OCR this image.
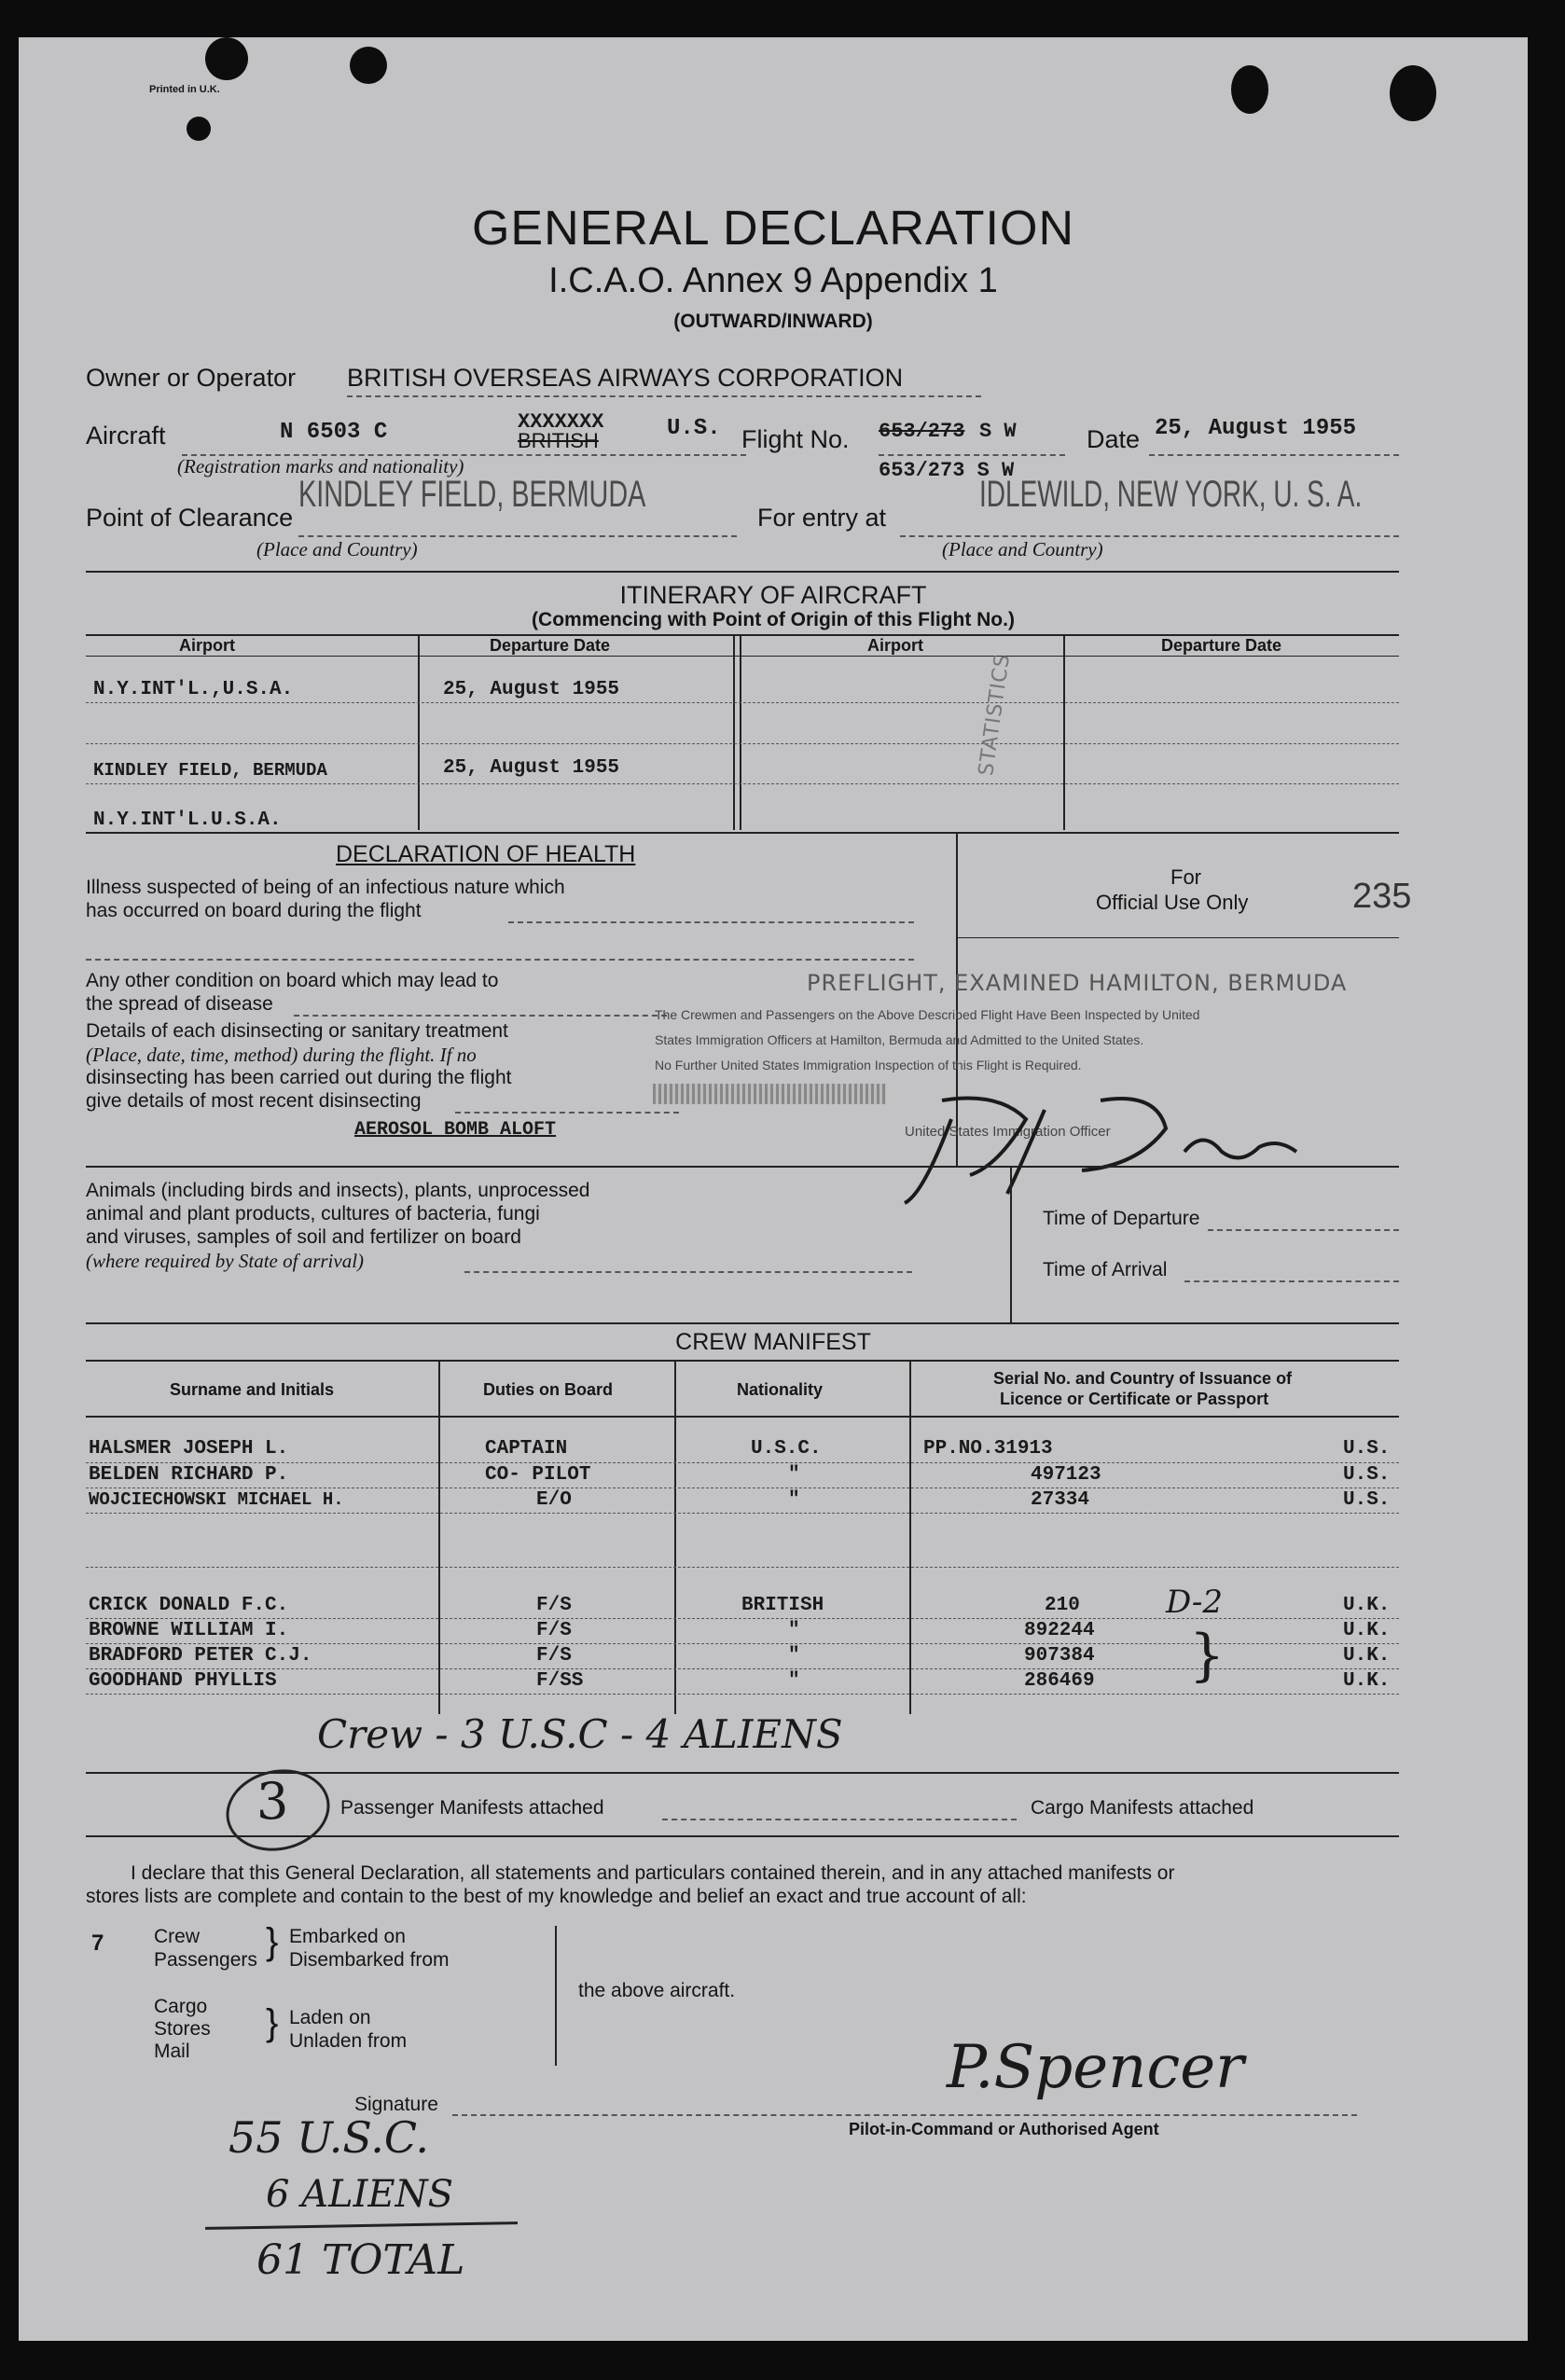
Printed in U.K.
GENERAL DECLARATION
I.C.A.O. Annex 9 Appendix 1
(OUTWARD/INWARD)
Owner or Operator BRITISH OVERSEAS AIRWAYS CORPORATION
Aircraft	N 6503 C	XXXXXXX
BRITISH	U.S.
(Registration marks and nationality)
Flight No. 653/273 S W
653/273 S W
Date 25, August 1955
Point of Clearance
KINDLEY FIELD, BERMUDA
(Place and Country)
For entry at
IDLEWILD, NEW YORK, U. S. A.
(Place and Country)
ITINERARY OF AIRCRAFT
(Commencing with Point of Origin of this Flight No.)
Airport	Departure Date	Airport	Departure Date
N.Y.INT'L.,U.S.A.	25, August 1955
KINDLEY FIELD, BERMUDA	25, August 1955
N.Y.INT'L.U.S.A.
STATISTICS
DECLARATION OF HEALTH
Illness suspected of being of an infectious nature which
has occurred on board during the flight
Any other condition on board which may lead to
the spread of disease
Details of each disinsecting or sanitary treatment
(Place, date, time, method) during the flight. If no
disinsecting has been carried out during the flight
give details of most recent disinsecting
AEROSOL BOMB ALOFT
For
Official Use Only	235
PREFLIGHT, EXAMINED HAMILTON, BERMUDA
The Crewmen and Passengers on the Above Described Flight Have Been Inspected by United
States Immigration Officers at Hamilton, Bermuda and Admitted to the United States.
No Further United States Immigration Inspection of this Flight is Required.
United States Immigration Officer
Animals (including birds and insects), plants, unprocessed
animal and plant products, cultures of bacteria, fungi
and viruses, samples of soil and fertilizer on board
(where required by State of arrival)
Time of Departure
Time of Arrival
CREW MANIFEST
Surname and Initials	Duties on Board	Nationality
Serial No. and Country of Issuance of
Licence or Certificate or Passport
HALSMER JOSEPH L.	CAPTAIN	U.S.C.	PP.NO.31913	U.S.
BELDEN RICHARD P.	CO- PILOT	"	497123	U.S.
WOJCIECHOWSKI MICHAEL H.	E/O	"	27334	U.S.
CRICK DONALD F.C.	F/S	BRITISH	210	U.K.
BROWNE WILLIAM I.	F/S	"	892244	U.K.
BRADFORD PETER C.J.	F/S	"	907384	U.K.
GOODHAND PHYLLIS	F/SS	"	286469	U.K.
D-2
}
Crew - 3 U.S.C - 4 ALIENS
3	Passenger Manifests attached	Cargo Manifests attached
I declare that this General Declaration, all statements and particulars contained therein, and in any attached manifests or
stores lists are complete and contain to the best of my knowledge and belief an exact and true account of all:
7	Crew
Passengers } Embarked on
Disembarked from
Cargo
Stores
Mail
} Laden on
Unladen from
the above aircraft.
Signature
P.Spencer
Pilot-in-Command or Authorised Agent
55 U.S.C.
6 ALIENS
61 TOTAL
